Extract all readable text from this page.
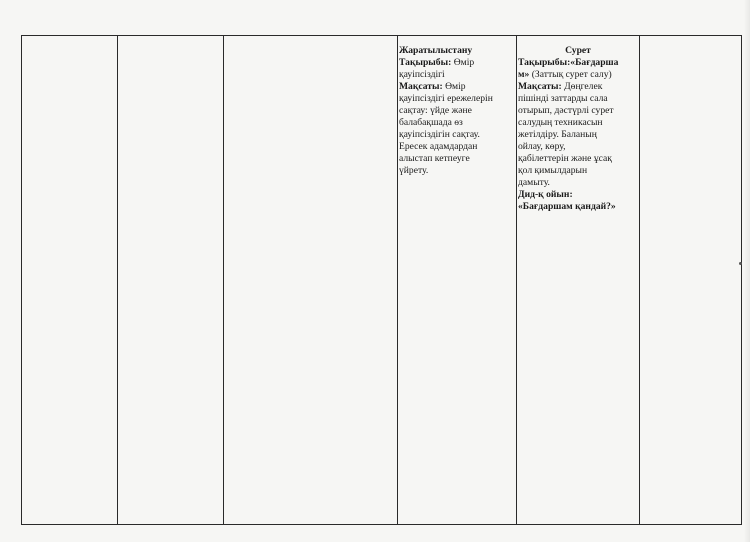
Жаратылыстану
Тақырыбы: Өмір
қауіпсіздігі
Мақсаты: Өмір
қауіпсіздігі ережелерін
сақтау: үйде және
балабақшада өз
қауіпсіздігін сақтау.
Ересек адамдардан
алыстап кетпеуге
үйрету.
Сурет
Тақырыбы:«Бағдарша
м» (Заттық сурет салу)
Мақсаты: Дөңгелек
пішінді заттарды сала
отырып, дәстүрлі сурет
салудың техникасын
жетілдіру. Баланың
ойлау, көру,
қабілеттерін және ұсақ
қол қимылдарын
дамыту.
Дид-қ ойын:
«Бағдаршам қандай?»
